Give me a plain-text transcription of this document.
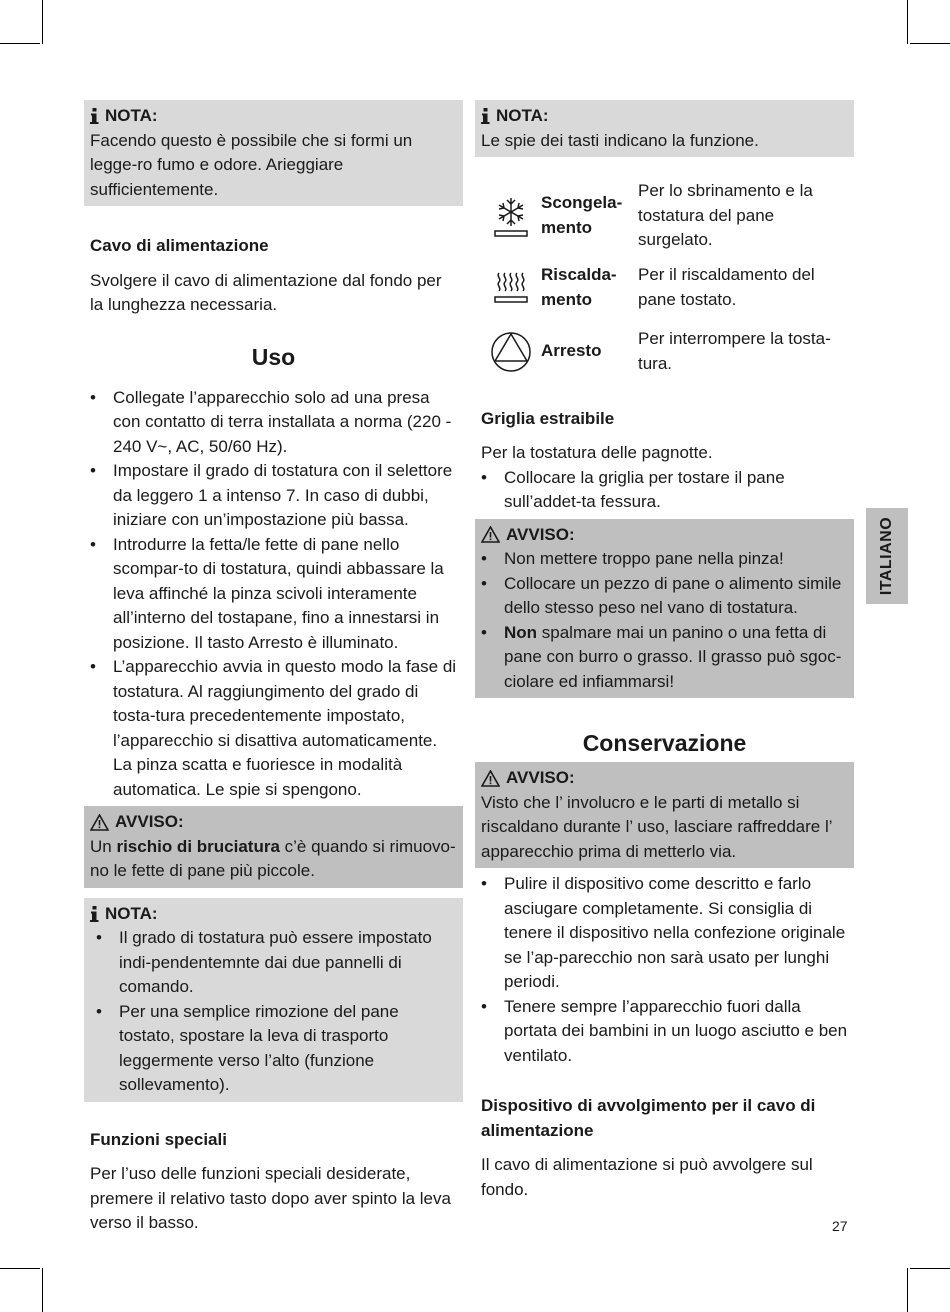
NOTA:

Facendo questo è possibile che si formi un legge-ro fumo e odore. Arieggiare sufficientemente.

Cavo di alimentazione

Svolgere il cavo di alimentazione dal fondo per la lunghezza necessaria.

Uso
• Collegate l’apparecchio solo ad una presa con contatto di terra installata a norma (220 - 240 V~, AC, 50/60 Hz).
• Impostare il grado di tostatura con il selettore da leggero 1 a intenso 7. In caso di dubbi, iniziare con un’impostazione più bassa.
• Introdurre la fetta/le fette di pane nello scompar-to di tostatura, quindi abbassare la leva affinché la pinza scivoli interamente all’interno del tostapane, fino a innestarsi in posizione. Il tasto Arresto è illuminato.
• L’apparecchio avvia in questo modo la fase di tostatura. Al raggiungimento del grado di tosta-tura precedentemente impostato, l’apparecchio si disattiva automaticamente. La pinza scatta e fuoriesce in modalità automatica. Le spie si spengono.
AVVISO:

Un rischio di bruciatura c’è quando si rimuovo-no le fette di pane più piccole.

NOTA:
• Il grado di tostatura può essere impostato indi-pendentemnte dai due pannelli di comando.
• Per una semplice rimozione del pane tostato, spostare la leva di trasporto leggermente verso l’alto (funzione sollevamento).
Funzioni speciali

Per l’uso delle funzioni speciali desiderate, premere il relativo tasto dopo aver spinto la leva verso il basso.

NOTA:

Le spie dei tasti indicano la funzione.

Scongela-mento
Per lo sbrinamento e la tostatura del pane surgelato.
Riscalda-mento
Per il riscaldamento del pane tostato.
Arresto
Per interrompere la tosta-tura.
Griglia estraibile

Per la tostatura delle pagnotte.

• Collocare la griglia per tostare il pane sull’addet-ta fessura.
AVVISO:
• Non mettere troppo pane nella pinza!
• Collocare un pezzo di pane o alimento simile dello stesso peso nel vano di tostatura.
• Non spalmare mai un panino o una fetta di pane con burro o grasso. Il grasso può sgoc-ciolare ed infiammarsi!
Conservazione
AVVISO:

Visto che l’ involucro e le parti di metallo si riscaldano durante l’ uso, lasciare raffreddare l’ apparecchio prima di metterlo via.

• Pulire il dispositivo come descritto e farlo asciugare completamente. Si consiglia di tenere il dispositivo nella confezione originale se l’ap-parecchio non sarà usato per lunghi periodi.
• Tenere sempre l’apparecchio fuori dalla portata dei bambini in un luogo asciutto e ben ventilato.
Dispositivo di avvolgimento per il cavo di alimentazione

Il cavo di alimentazione si può avvolgere sul fondo.

ITALIANO
27
